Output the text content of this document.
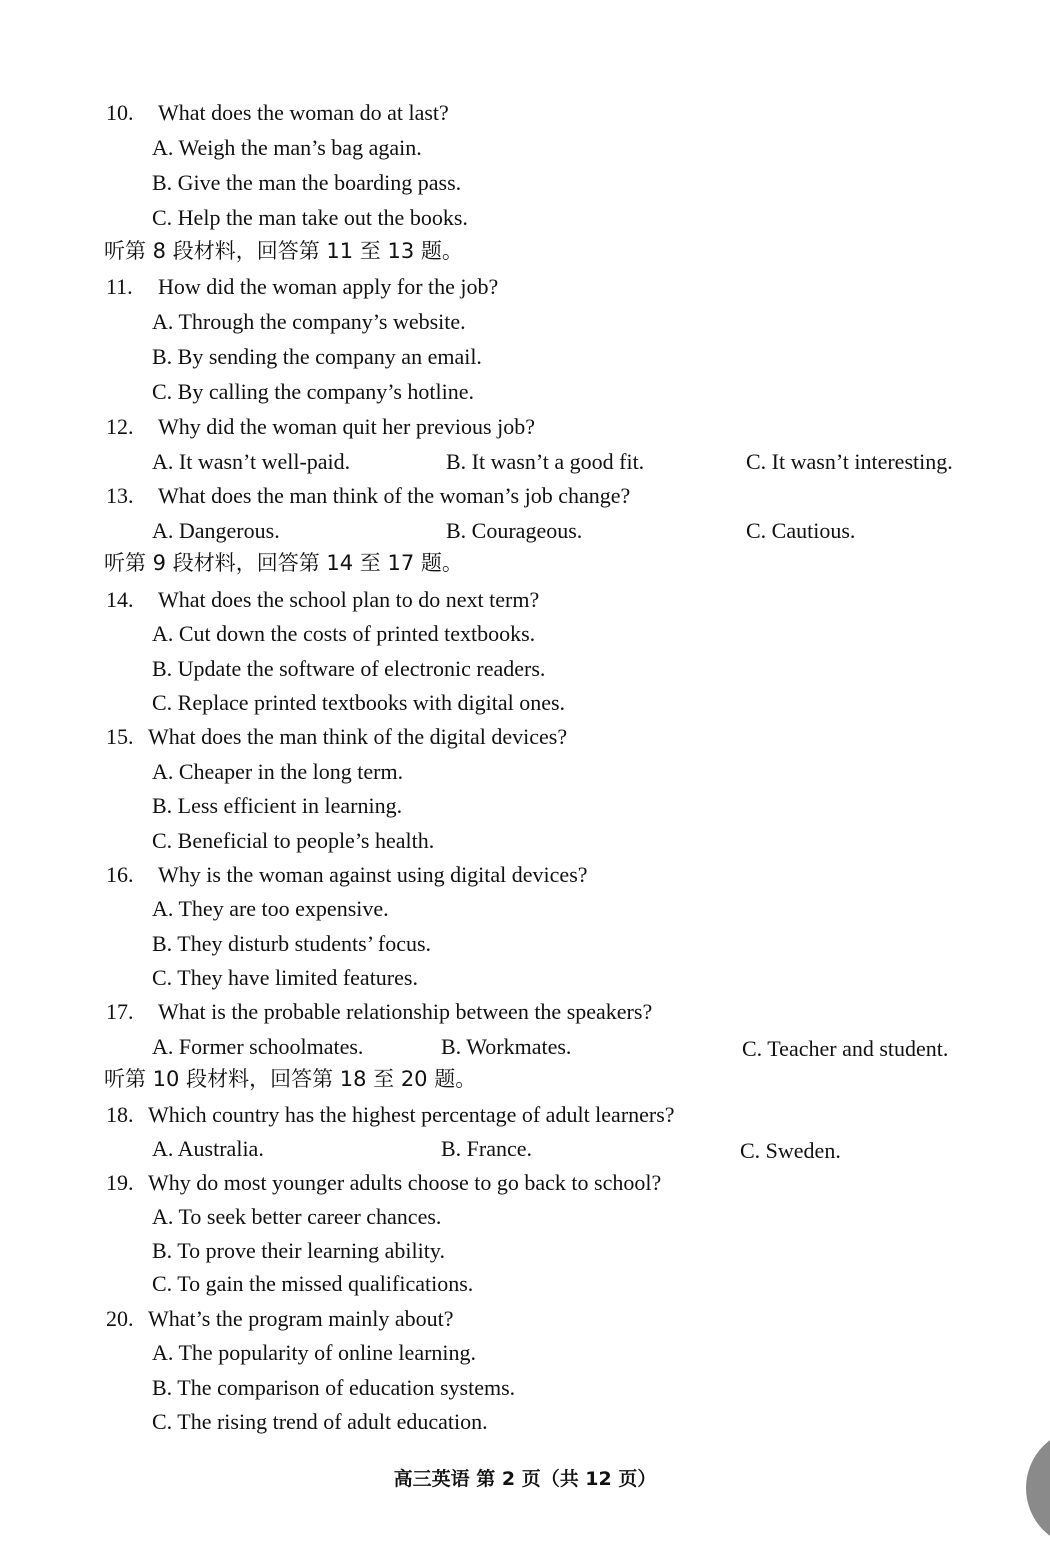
10. What does the woman do at last?
A. Weigh the man’s bag again.
B. Give the man the boarding pass.
C. Help the man take out the books.
听第 8 段材料，回答第 11 至 13 题。
11. How did the woman apply for the job?
A. Through the company’s website.
B. By sending the company an email.
C. By calling the company’s hotline.
12. Why did the woman quit her previous job?
A. It wasn’t well-paid.	B. It wasn’t a good fit.	C. It wasn’t interesting.
13. What does the man think of the woman’s job change?
A. Dangerous.	B. Courageous.	C. Cautious.
听第 9 段材料，回答第 14 至 17 题。
14. What does the school plan to do next term?
A. Cut down the costs of printed textbooks.
B. Update the software of electronic readers.
C. Replace printed textbooks with digital ones.
15. What does the man think of the digital devices?
A. Cheaper in the long term.
B. Less efficient in learning.
C. Beneficial to people’s health.
16. Why is the woman against using digital devices?
A. They are too expensive.
B. They disturb students’ focus.
C. They have limited features.
17. What is the probable relationship between the speakers?
A. Former schoolmates.	B. Workmates.	C. Teacher and student.
听第 10 段材料，回答第 18 至 20 题。
18. Which country has the highest percentage of adult learners?
A. Australia.	B. France.	C. Sweden.
19. Why do most younger adults choose to go back to school?
A. To seek better career chances.
B. To prove their learning ability.
C. To gain the missed qualifications.
20. What’s the program mainly about?
A. The popularity of online learning.
B. The comparison of education systems.
C. The rising trend of adult education.
高三英语 第 2 页（共 12 页）
